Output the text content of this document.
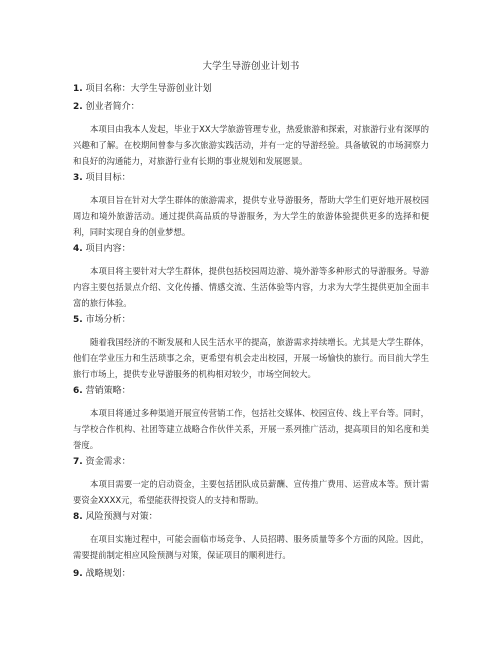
大学生导游创业计划书
1. 项目名称：大学生导游创业计划
2. 创业者简介：
本项目由我本人发起，毕业于XX大学旅游管理专业，热爱旅游和探索，对旅游行业有深厚的兴趣和了解。在校期间曾参与多次旅游实践活动，并有一定的导游经验。具备敏锐的市场洞察力和良好的沟通能力，对旅游行业有长期的事业规划和发展愿景。
3. 项目目标：
本项目旨在针对大学生群体的旅游需求，提供专业导游服务，帮助大学生们更好地开展校园周边和境外旅游活动。通过提供高品质的导游服务，为大学生的旅游体验提供更多的选择和便利，同时实现自身的创业梦想。
4. 项目内容：
本项目将主要针对大学生群体，提供包括校园周边游、境外游等多种形式的导游服务。导游内容主要包括景点介绍、文化传播、情感交流、生活体验等内容，力求为大学生提供更加全面丰富的旅行体验。
5. 市场分析：
随着我国经济的不断发展和人民生活水平的提高，旅游需求持续增长。尤其是大学生群体，他们在学业压力和生活琐事之余，更希望有机会走出校园，开展一场愉快的旅行。而目前大学生旅行市场上，提供专业导游服务的机构相对较少，市场空间较大。
6. 营销策略：
本项目将通过多种渠道开展宣传营销工作，包括社交媒体、校园宣传、线上平台等。同时，与学校合作机构、社团等建立战略合作伙伴关系，开展一系列推广活动，提高项目的知名度和美誉度。
7. 资金需求：
本项目需要一定的启动资金，主要包括团队成员薪酬、宣传推广费用、运营成本等。预计需要资金XXXX元，希望能获得投资人的支持和帮助。
8. 风险预测与对策：
在项目实施过程中，可能会面临市场竞争、人员招聘、服务质量等多个方面的风险。因此，需要提前制定相应风险预测与对策，保证项目的顺利进行。
9. 战略规划：
